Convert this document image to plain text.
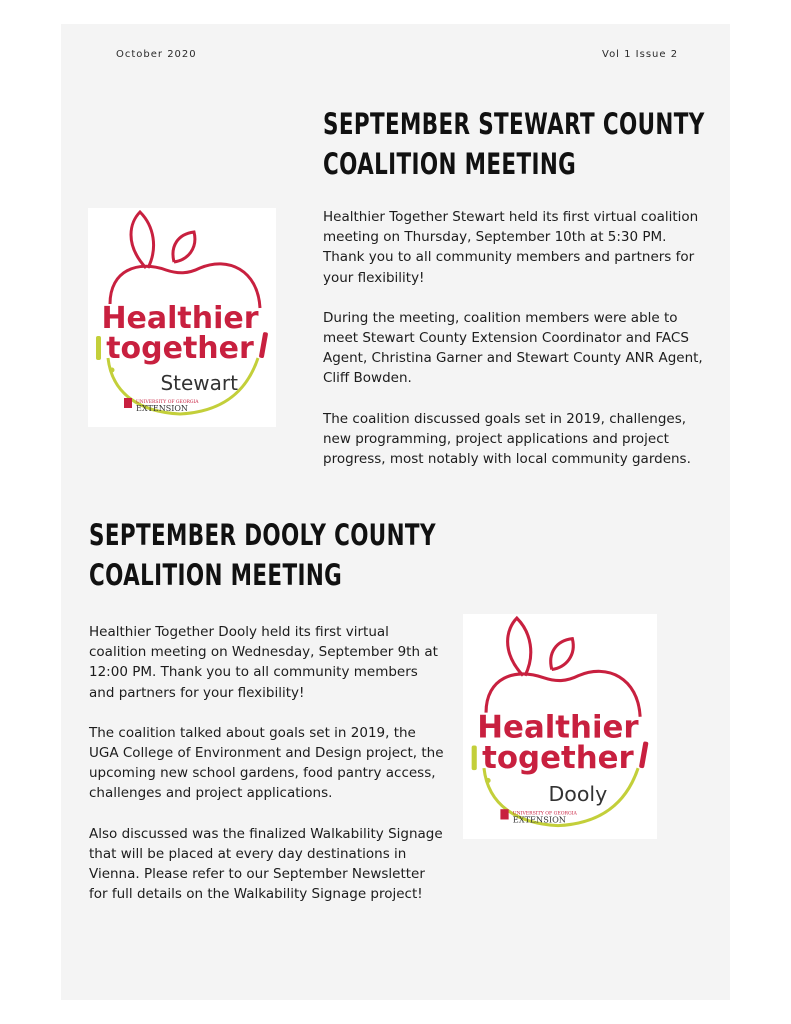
October 2020	Vol 1 Issue 2
SEPTEMBER STEWART COUNTY
COALITION MEETING
Healthier
together
Stewart
UNIVERSITY OF GEORGIA
EXTENSION

Healthier Together Stewart held its first virtual coalition meeting on Thursday, September 10th at 5:30 PM. Thank you to all community members and partners for your flexibility!

During the meeting, coalition members were able to meet Stewart County Extension Coordinator and FACS Agent, Christina Garner and Stewart County ANR Agent, Cliff Bowden.

The coalition discussed goals set in 2019, challenges, new programming, project applications and project progress, most notably with local community gardens.

SEPTEMBER DOOLY COUNTY
COALITION MEETING

Healthier Together Dooly held its first virtual coalition meeting on Wednesday, September 9th at 12:00 PM. Thank you to all community members and partners for your flexibility!

The coalition talked about goals set in 2019, the UGA College of Environment and Design project, the upcoming new school gardens, food pantry access, challenges and project applications.

Also discussed was the finalized Walkability Signage that will be placed at every day destinations in Vienna. Please refer to our September Newsletter for full details on the Walkability Signage project!

Healthier
together
Dooly
UNIVERSITY OF GEORGIA
EXTENSION
